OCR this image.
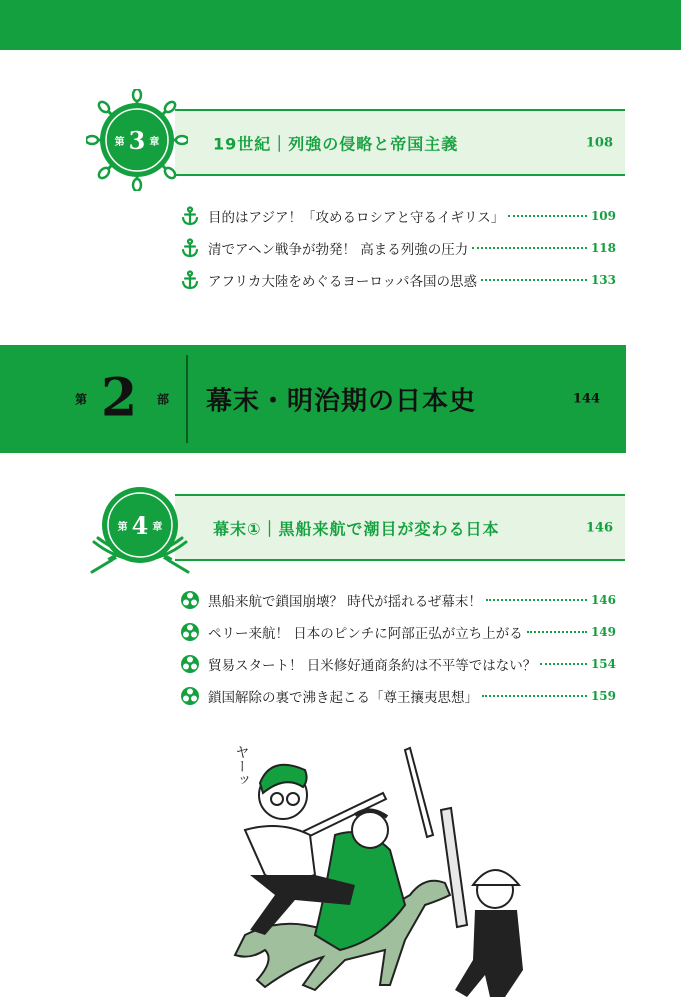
19世紀｜列強の侵略と帝国主義	108
第 3 章
目的はアジア！「攻めるロシアと守るイギリス」	109
清でアヘン戦争が勃発！ 高まる列強の圧力	118
アフリカ大陸をめぐるヨーロッパ各国の思惑	133
第 2 部 幕末・明治期の日本史	144
幕末①｜黒船来航で潮目が変わる日本	146
第 4 章
黒船来航で鎖国崩壊？ 時代が揺れるぜ幕末！	146
ペリー来航！ 日本のピンチに阿部正弘が立ち上がる	149
貿易スタート！ 日米修好通商条約は不平等ではない？	154
鎖国解除の裏で沸き起こる「尊王攘夷思想」	159
ヤーッ
